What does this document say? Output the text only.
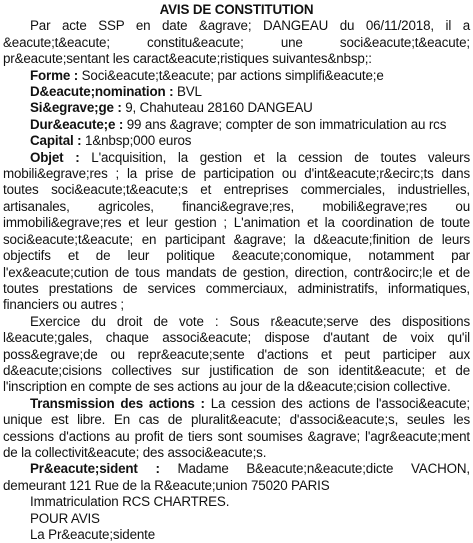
AVIS DE CONSTITUTION
Par acte SSP en date &agrave; DANGEAU du 06/11/2018, il a &eacute;t&eacute; constitu&eacute; une soci&eacute;t&eacute; pr&eacute;sentant les caract&eacute;ristiques suivantes&nbsp;:
Forme : Soci&eacute;t&eacute; par actions simplifi&eacute;e
D&eacute;nomination : BVL
Si&egrave;ge : 9, Chahuteau 28160 DANGEAU
Dur&eacute;e : 99 ans &agrave; compter de son immatriculation au rcs
Capital : 1&nbsp;000 euros
Objet : L'acquisition, la gestion et la cession de toutes valeurs mobili&egrave;res ; la prise de participation ou d'int&eacute;r&ecirc;ts dans toutes soci&eacute;t&eacute;s et entreprises commerciales, industrielles, artisanales, agricoles, financi&egrave;res, mobili&egrave;res ou immobili&egrave;res et leur gestion ; L'animation et la coordination de toute soci&eacute;t&eacute; en participant &agrave; la d&eacute;finition de leurs objectifs et de leur politique &eacute;conomique, notamment par l'ex&eacute;cution de tous mandats de gestion, direction, contr&ocirc;le et de toutes prestations de services commerciaux, administratifs, informatiques, financiers ou autres ;
Exercice du droit de vote : Sous r&eacute;serve des dispositions l&eacute;gales, chaque associ&eacute; dispose d'autant de voix qu'il poss&egrave;de ou repr&eacute;sente d'actions et peut participer aux d&eacute;cisions collectives sur justification de son identit&eacute; et de l'inscription en compte de ses actions au jour de la d&eacute;cision collective.
Transmission des actions : La cession des actions de l'associ&eacute; unique est libre. En cas de pluralit&eacute; d'associ&eacute;s, seules les cessions d'actions au profit de tiers sont soumises &agrave; l'agr&eacute;ment de la collectivit&eacute; des associ&eacute;s.
Pr&eacute;sident : Madame B&eacute;n&eacute;dicte VACHON, demeurant 121 Rue de la R&eacute;union 75020 PARIS
Immatriculation RCS CHARTRES.
POUR AVIS
La Pr&eacute;sidente
